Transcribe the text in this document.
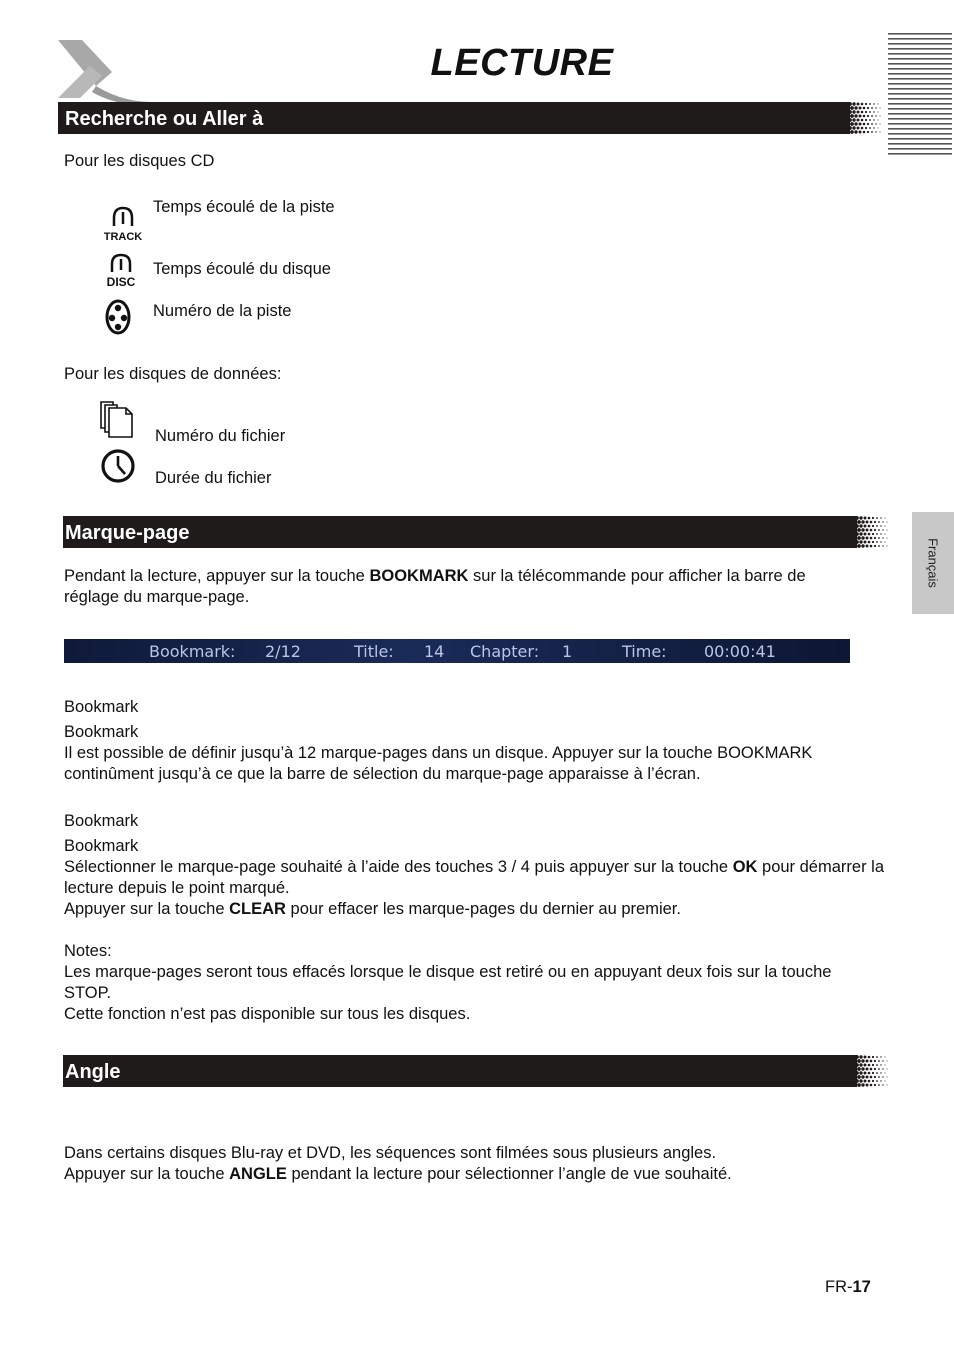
LECTURE
Français
Recherche ou Aller à

Pour les disques CD

TRACK

Temps écoulé de la piste

DISC

Temps écoulé du disque

Numéro de la piste

Pour les disques de données:

Numéro du fichier

Durée du fichier

Marque-page

Pendant la lecture, appuyer sur la touche BOOKMARK sur la télécommande pour afficher la barre de réglage du marque-page.

Bookmark: 2/12	Title: 14 Chapter: 1	Time: 00:00:41

Bookmark

Bookmark

Il est possible de définir jusqu’à 12 marque-pages dans un disque. Appuyer sur la touche BOOKMARK continûment jusqu’à ce que la barre de sélection du marque-page apparaisse à l’écran.

Bookmark

Bookmark

Sélectionner le marque-page souhaité à l’aide des touches 3 / 4 puis appuyer sur la touche OK pour démarrer la lecture depuis le point marqué.

Appuyer sur la touche CLEAR pour effacer les marque-pages du dernier au premier.

Notes:

Les marque-pages seront tous effacés lorsque le disque est retiré ou en appuyant deux fois sur la touche STOP.

Cette fonction n’est pas disponible sur tous les disques.

Angle

Dans certains disques Blu-ray et DVD, les séquences sont filmées sous plusieurs angles.

Appuyer sur la touche ANGLE pendant la lecture pour sélectionner l’angle de vue souhaité.

FR-17
